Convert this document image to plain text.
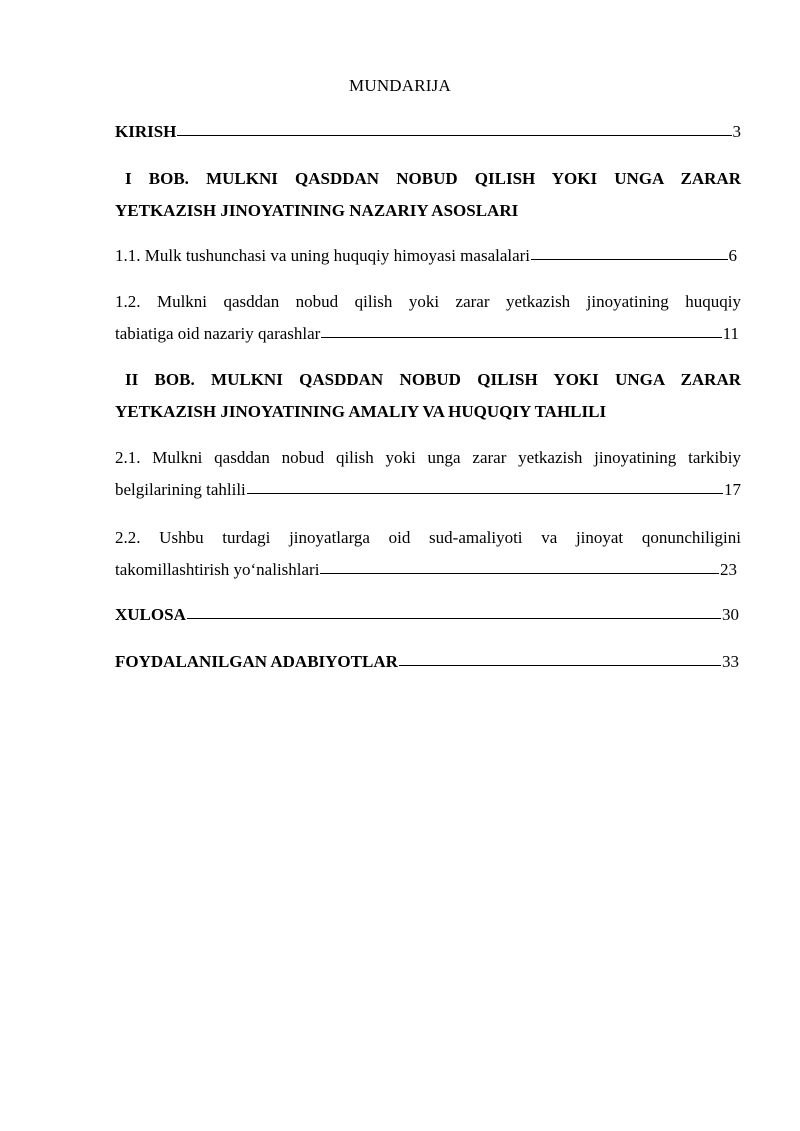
MUNDARIJA
KIRISH	3
I BOB. MULKNI QASDDAN NOBUD QILISH YOKI UNGA ZARAR
YETKAZISH JINOYATINING NAZARIY ASOSLARI
1.1. Mulk tushunchasi va uning huquqiy himoyasi masalalari	6
1.2. Mulkni qasddan nobud qilish yoki zarar yetkazish jinoyatining huquqiy
tabiatiga oid nazariy qarashlar	11
II BOB. MULKNI QASDDAN NOBUD QILISH YOKI UNGA ZARAR
YETKAZISH JINOYATINING AMALIY VA HUQUQIY TAHLILI
2.1. Mulkni qasddan nobud qilish yoki unga zarar yetkazish jinoyatining tarkibiy
belgilarining tahlili	17
2.2. Ushbu turdagi jinoyatlarga oid sud-amaliyoti va jinoyat qonunchiligini
takomillashtirish yo‘nalishlari	23
XULOSA	30
FOYDALANILGAN ADABIYOTLAR	33
